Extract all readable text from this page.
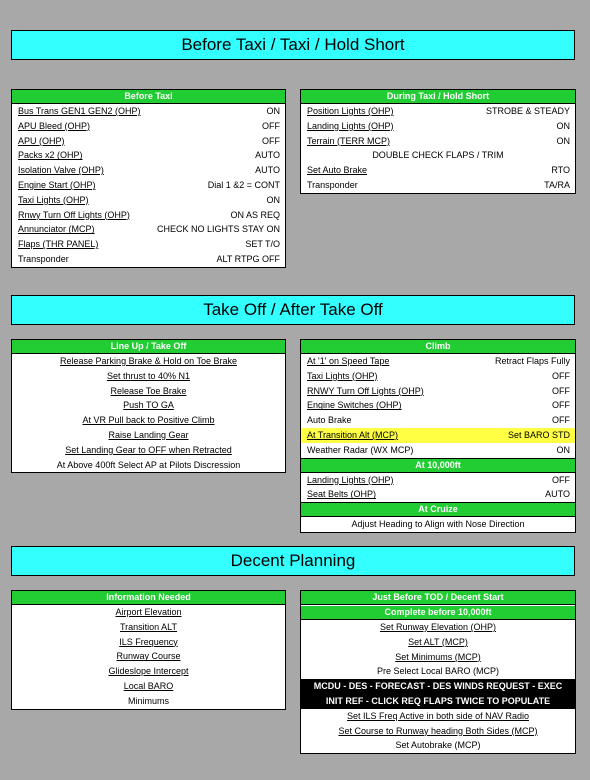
Before Taxi / Taxi / Hold Short
Take Off / After Take Off
Decent Planning
Before Taxi
Bus Trans GEN1 GEN2 (OHP)	ON
APU Bleed (OHP)	OFF
APU (OHP)	OFF
Packs x2 (OHP)	AUTO
Isolation Valve (OHP)	AUTO
Engine Start (OHP)	Dial 1 &2 = CONT
Taxi Lights (OHP)	ON
Rnwy Turn Off Lights (OHP)	ON AS REQ
Annunciator (MCP)	CHECK NO LIGHTS STAY ON
Flaps (THR PANEL)	SET T/O
Transponder	ALT RTPG OFF
During Taxi / Hold Short
Position Lights (OHP)	STROBE & STEADY
Landing Lights (OHP)	ON
Terrain (TERR MCP)	ON
DOUBLE CHECK FLAPS / TRIM
Set Auto Brake	RTO
Transponder	TA/RA
Line Up / Take Off
Release Parking Brake & Hold on Toe Brake
Set thrust to 40% N1
Release Toe Brake
Push TO GA
At VR Pull back to Positive Climb
Raise Landing Gear
Set Landing Gear to OFF when Retracted
At Above 400ft Select AP at Pilots Discression
Climb
At '1' on Speed Tape	Retract Flaps Fully
Taxi Lights (OHP)	OFF
RNWY Turn Off Lights (OHP)	OFF
Engine Switches (OHP)	OFF
Auto Brake	OFF
At Transition Alt (MCP)	Set BARO STD
Weather Radar (WX MCP)	ON
At 10,000ft
Landing Lights (OHP)	OFF
Seat Belts (OHP)	AUTO
At Cruize
Adjust Heading to Align with Nose Direction
Information Needed
Airport Elevation
Transition ALT
ILS Frequency
Runway Course
Glideslope Intercept
Local BARO
Minimums
Just Before TOD / Decent Start
Complete before 10,000ft
Set Runway Elevation (OHP)
Set ALT (MCP)
Set Minimums (MCP)
Pre Select Local BARO (MCP)
MCDU - DES - FORECAST - DES WINDS REQUEST - EXEC
INIT REF - CLICK REQ FLAPS TWICE TO POPULATE
Set ILS Freq Active in both side of NAV Radio
Set Course to Runway heading Both Sides (MCP)
Set Autobrake (MCP)
